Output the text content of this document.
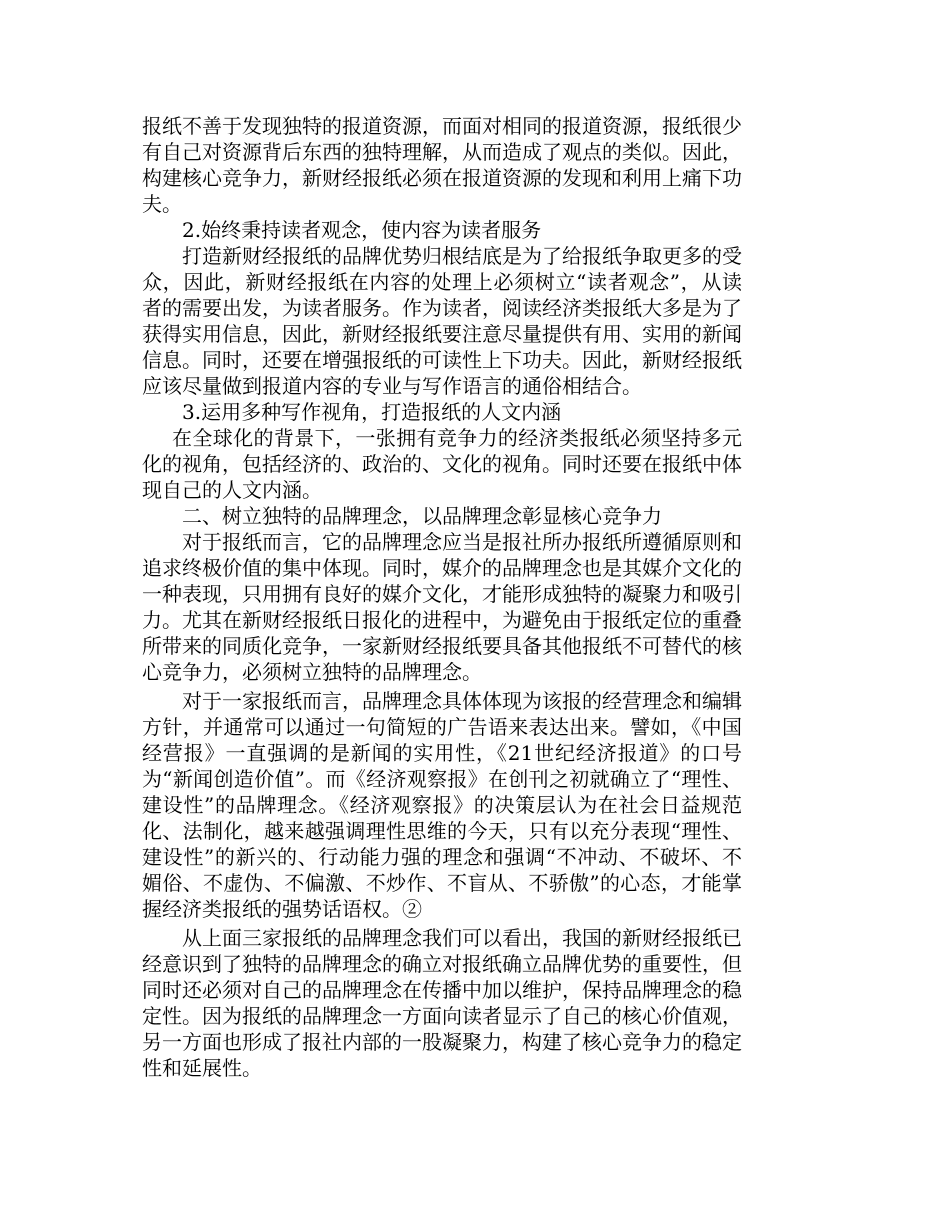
报纸不善于发现独特的报道资源，而面对相同的报道资源，报纸很少有自己对资源背后东西的独特理解，从而造成了观点的类似。因此，构建核心竞争力，新财经报纸必须在报道资源的发现和利用上痛下功夫。

2.始终秉持读者观念，使内容为读者服务

打造新财经报纸的品牌优势归根结底是为了给报纸争取更多的受众，因此，新财经报纸在内容的处理上必须树立“读者观念”，从读者的需要出发，为读者服务。作为读者，阅读经济类报纸大多是为了获得实用信息，因此，新财经报纸要注意尽量提供有用、实用的新闻信息。同时，还要在增强报纸的可读性上下功夫。因此，新财经报纸应该尽量做到报道内容的专业与写作语言的通俗相结合。

3.运用多种写作视角，打造报纸的人文内涵

在全球化的背景下，一张拥有竞争力的经济类报纸必须坚持多元化的视角，包括经济的、政治的、文化的视角。同时还要在报纸中体现自己的人文内涵。

二、树立独特的品牌理念，以品牌理念彰显核心竞争力

对于报纸而言，它的品牌理念应当是报社所办报纸所遵循原则和追求终极价值的集中体现。同时，媒介的品牌理念也是其媒介文化的一种表现，只用拥有良好的媒介文化，才能形成独特的凝聚力和吸引力。尤其在新财经报纸日报化的进程中，为避免由于报纸定位的重叠所带来的同质化竞争，一家新财经报纸要具备其他报纸不可替代的核心竞争力，必须树立独特的品牌理念。

对于一家报纸而言，品牌理念具体体现为该报的经营理念和编辑方针，并通常可以通过一句简短的广告语来表达出来。譬如，《中国经营报》一直强调的是新闻的实用性，《21世纪经济报道》的口号为“新闻创造价值”。而《经济观察报》在创刊之初就确立了“理性、建设性”的品牌理念。《经济观察报》的决策层认为在社会日益规范化、法制化，越来越强调理性思维的今天，只有以充分表现“理性、建设性”的新兴的、行动能力强的理念和强调“不冲动、不破坏、不媚俗、不虚伪、不偏激、不炒作、不盲从、不骄傲”的心态，才能掌握经济类报纸的强势话语权。②

从上面三家报纸的品牌理念我们可以看出，我国的新财经报纸已经意识到了独特的品牌理念的确立对报纸确立品牌优势的重要性，但同时还必须对自己的品牌理念在传播中加以维护，保持品牌理念的稳定性。因为报纸的品牌理念一方面向读者显示了自己的核心价值观，另一方面也形成了报社内部的一股凝聚力，构建了核心竞争力的稳定性和延展性。
